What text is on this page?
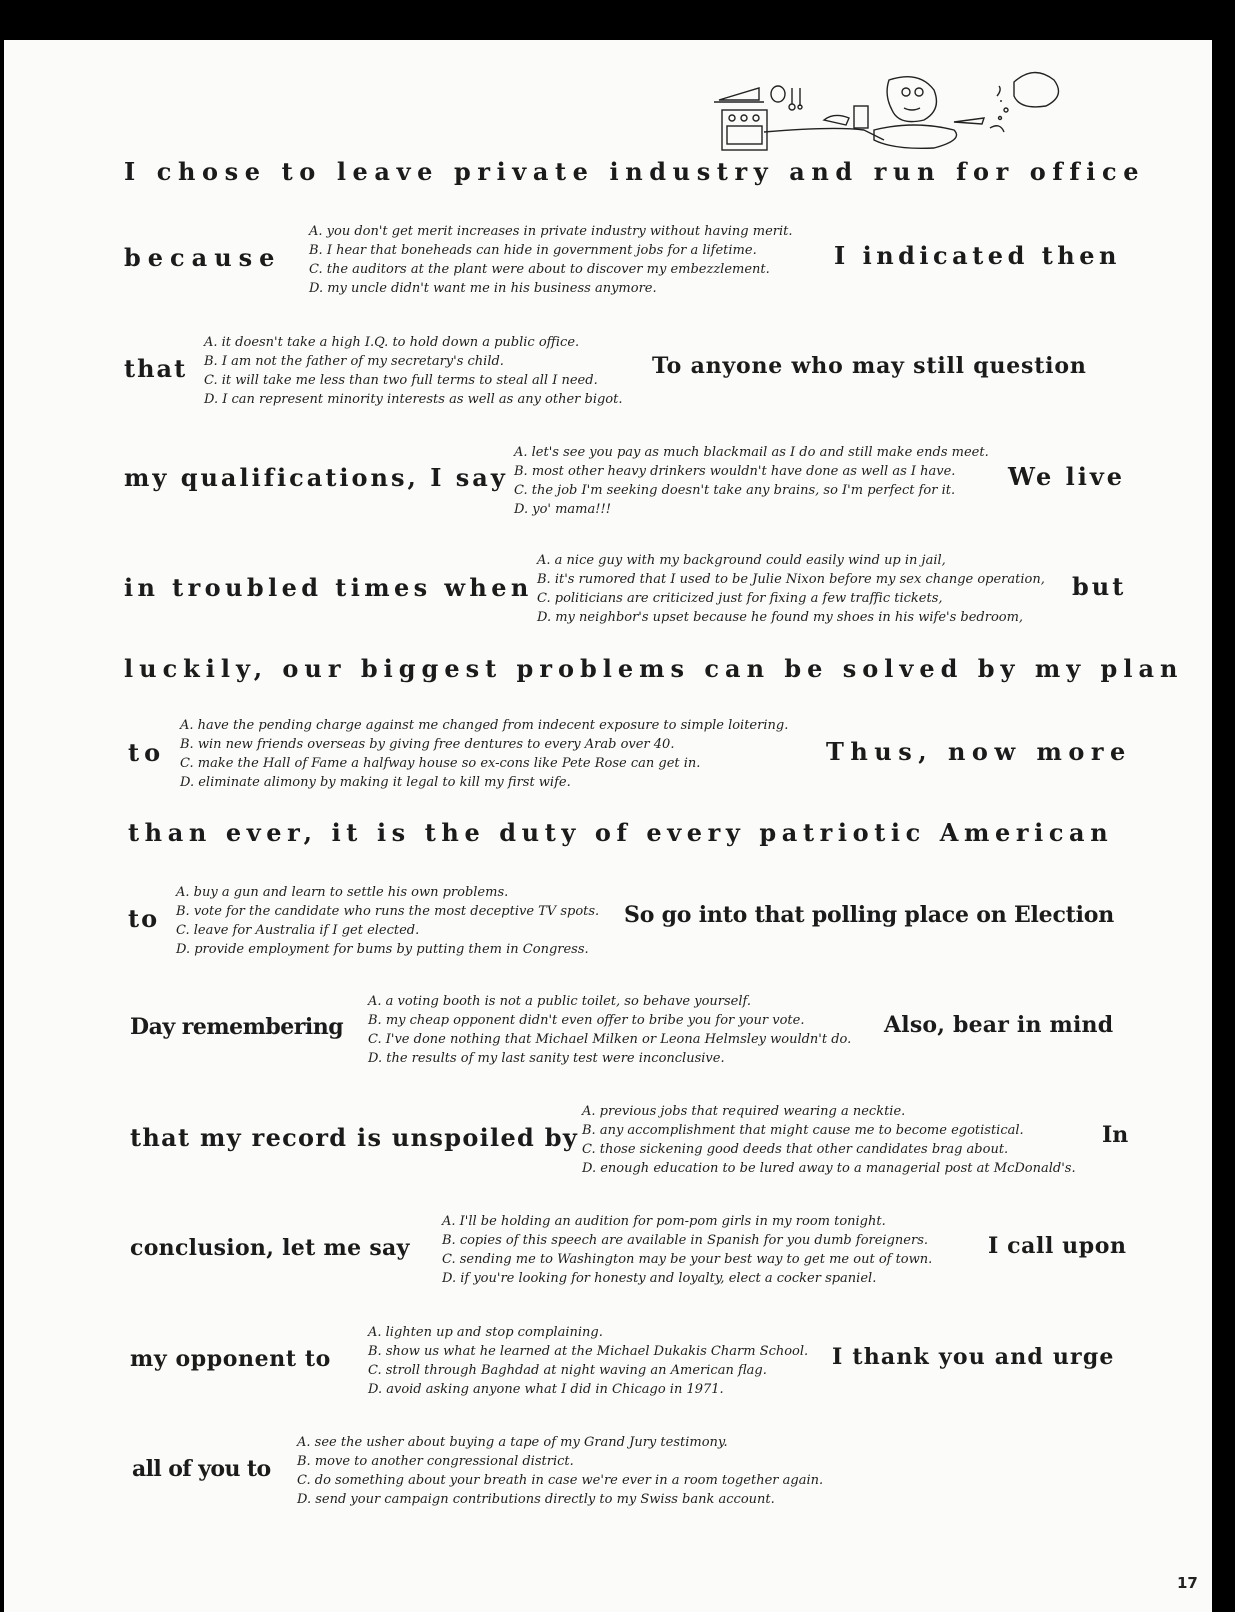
I chose to leave private industry and run for office
because
A. you don't get merit increases in private industry without having merit.
B. I hear that boneheads can hide in government jobs for a lifetime.
C. the auditors at the plant were about to discover my embezzlement.
D. my uncle didn't want me in his business anymore.
I indicated then
that
A. it doesn't take a high I.Q. to hold down a public office.
B. I am not the father of my secretary's child.
C. it will take me less than two full terms to steal all I need.
D. I can represent minority interests as well as any other bigot.
To anyone who may still question
my qualifications, I say
A. let's see you pay as much blackmail as I do and still make ends meet.
B. most other heavy drinkers wouldn't have done as well as I have.
C. the job I'm seeking doesn't take any brains, so I'm perfect for it.
D. yo' mama!!!
We live
in troubled times when
A. a nice guy with my background could easily wind up in jail,
B. it's rumored that I used to be Julie Nixon before my sex change operation,
C. politicians are criticized just for fixing a few traffic tickets,
D. my neighbor's upset because he found my shoes in his wife's bedroom,
but
luckily, our biggest problems can be solved by my plan
to
A. have the pending charge against me changed from indecent exposure to simple loitering.
B. win new friends overseas by giving free dentures to every Arab over 40.
C. make the Hall of Fame a halfway house so ex-cons like Pete Rose can get in.
D. eliminate alimony by making it legal to kill my first wife.
Thus, now more
than ever, it is the duty of every patriotic American
to
A. buy a gun and learn to settle his own problems.
B. vote for the candidate who runs the most deceptive TV spots.
C. leave for Australia if I get elected.
D. provide employment for bums by putting them in Congress.
So go into that polling place on Election
Day remembering
A. a voting booth is not a public toilet, so behave yourself.
B. my cheap opponent didn't even offer to bribe you for your vote.
C. I've done nothing that Michael Milken or Leona Helmsley wouldn't do.
D. the results of my last sanity test were inconclusive.
Also, bear in mind
that my record is unspoiled by
A. previous jobs that required wearing a necktie.
B. any accomplishment that might cause me to become egotistical.
C. those sickening good deeds that other candidates brag about.
D. enough education to be lured away to a managerial post at McDonald's.
In
conclusion, let me say
A. I'll be holding an audition for pom-pom girls in my room tonight.
B. copies of this speech are available in Spanish for you dumb foreigners.
C. sending me to Washington may be your best way to get me out of town.
D. if you're looking for honesty and loyalty, elect a cocker spaniel.
I call upon
my opponent to
A. lighten up and stop complaining.
B. show us what he learned at the Michael Dukakis Charm School.
C. stroll through Baghdad at night waving an American flag.
D. avoid asking anyone what I did in Chicago in 1971.
I thank you and urge
all of you to
A. see the usher about buying a tape of my Grand Jury testimony.
B. move to another congressional district.
C. do something about your breath in case we're ever in a room together again.
D. send your campaign contributions directly to my Swiss bank account.
17
